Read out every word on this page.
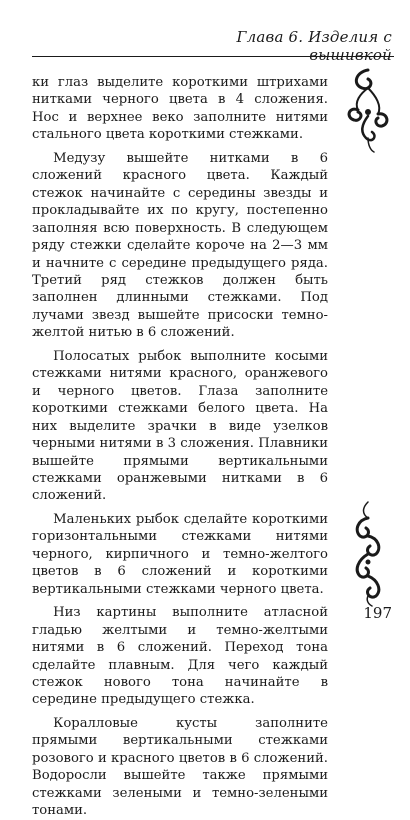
Глава 6. Изделия с вышивкой

ки глаз выделите короткими штрихами нитками черного цвета в 4 сложения. Нос и верхнее веко заполните нитями стального цвета короткими стежками.

Медузу вышейте нитками в 6 сложений красного цвета. Каждый стежок начинайте с середины звезды и прокладывайте их по кругу, постепенно заполняя всю поверхность. В следующем ряду стежки сделайте короче на 2—3 мм и начните с середине предыдущего ряда. Третий ряд стежков должен быть заполнен длинными стежками. Под лучами звезд вышейте присоски темно-желтой нитью в 6 сложений.

Полосатых рыбок выполните косыми стежками нитями красного, оранжевого и черного цветов. Глаза заполните короткими стежками белого цвета. На них выделите зрачки в виде узелков черными нитями в 3 сложения. Плавники вышейте прямыми вертикальными стежками оранжевыми нитками в 6 сложений.

Маленьких рыбок сделайте короткими горизонтальными стежками нитями черного, кирпичного и темно-желтого цветов в 6 сложений и короткими вертикальными стежками черного цвета.

Низ картины выполните атласной гладью желтыми и темно-желтыми нитями в 6 сложений. Переход тона сделайте плавным. Для чего каждый стежок нового тона начинайте в середине предыдущего стежка.

Коралловые кусты заполните прямыми вертикальными стежками розового и красного цветов в 6 сложений. Водоросли вышейте также прямыми стежками зелеными и темно-зелеными тонами.

197
